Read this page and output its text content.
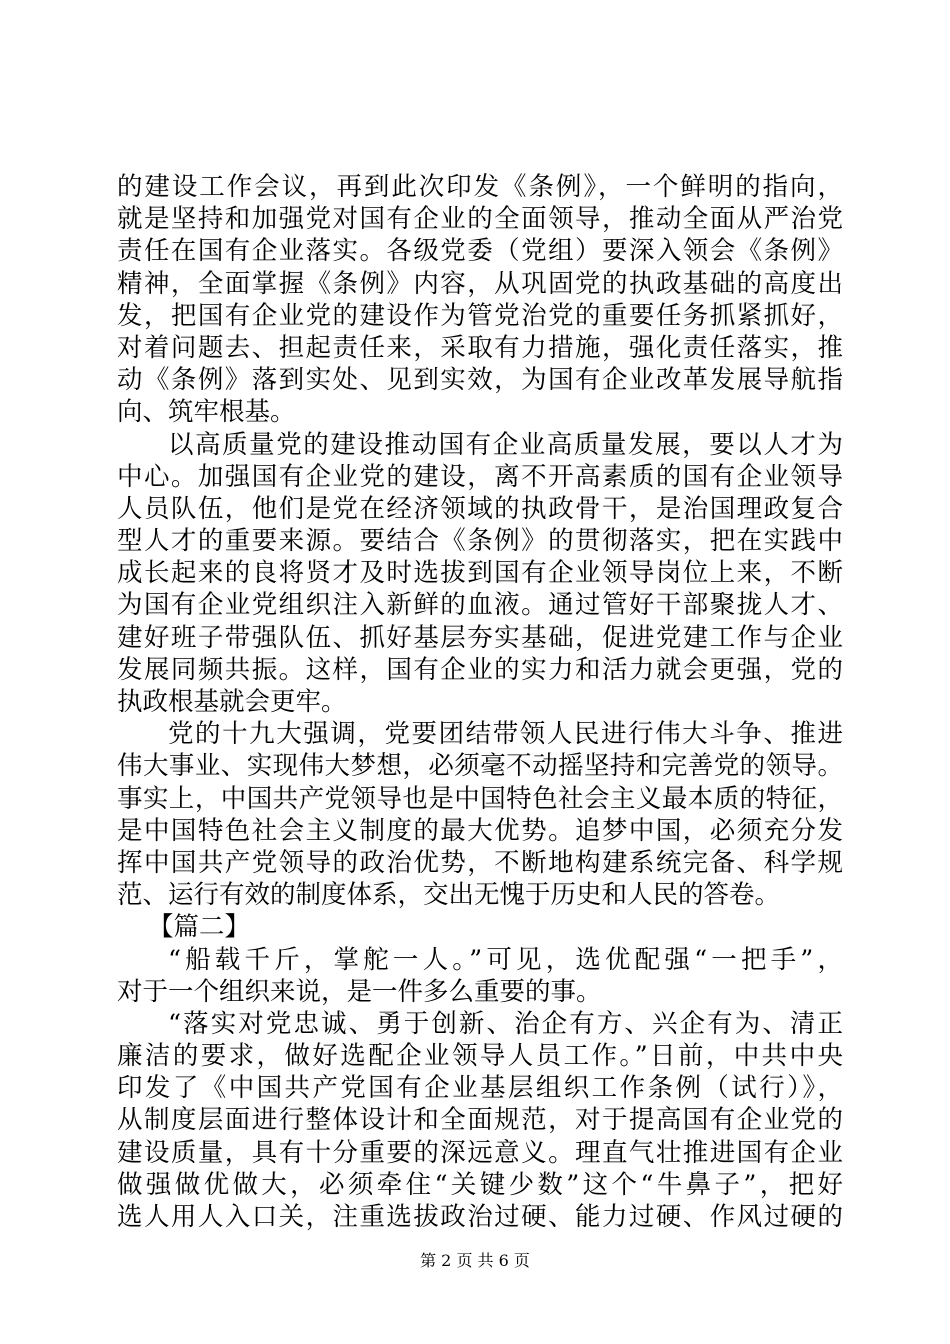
的建设工作会议，再到此次印发《条例》，一个鲜明的指向，
就是坚持和加强党对国有企业的全面领导，推动全面从严治党
责任在国有企业落实。各级党委（党组）要深入领会《条例》
精神，全面掌握《条例》内容，从巩固党的执政基础的高度出
发，把国有企业党的建设作为管党治党的重要任务抓紧抓好，
对着问题去、担起责任来，采取有力措施，强化责任落实，推
动《条例》落到实处、见到实效，为国有企业改革发展导航指
向、筑牢根基。
以高质量党的建设推动国有企业高质量发展，要以人才为
中心。加强国有企业党的建设，离不开高素质的国有企业领导
人员队伍，他们是党在经济领域的执政骨干，是治国理政复合
型人才的重要来源。要结合《条例》的贯彻落实，把在实践中
成长起来的良将贤才及时选拔到国有企业领导岗位上来，不断
为国有企业党组织注入新鲜的血液。通过管好干部聚拢人才、
建好班子带强队伍、抓好基层夯实基础，促进党建工作与企业
发展同频共振。这样，国有企业的实力和活力就会更强，党的
执政根基就会更牢。
党的十九大强调，党要团结带领人民进行伟大斗争、推进
伟大事业、实现伟大梦想，必须毫不动摇坚持和完善党的领导。
事实上，中国共产党领导也是中国特色社会主义最本质的特征，
是中国特色社会主义制度的最大优势。追梦中国，必须充分发
挥中国共产党领导的政治优势，不断地构建系统完备、科学规
范、运行有效的制度体系，交出无愧于历史和人民的答卷。
【篇二】
“船载千斤，掌舵一人。”可见，选优配强“一把手”，
对于一个组织来说，是一件多么重要的事。
“落实对党忠诚、勇于创新、治企有方、兴企有为、清正
廉洁的要求，做好选配企业领导人员工作。”日前，中共中央
印发了《中国共产党国有企业基层组织工作条例（试行）》，
从制度层面进行整体设计和全面规范，对于提高国有企业党的
建设质量，具有十分重要的深远意义。理直气壮推进国有企业
做强做优做大，必须牵住“关键少数”这个“牛鼻子”，把好
选人用人入口关，注重选拔政治过硬、能力过硬、作风过硬的
第 2 页 共 6 页
